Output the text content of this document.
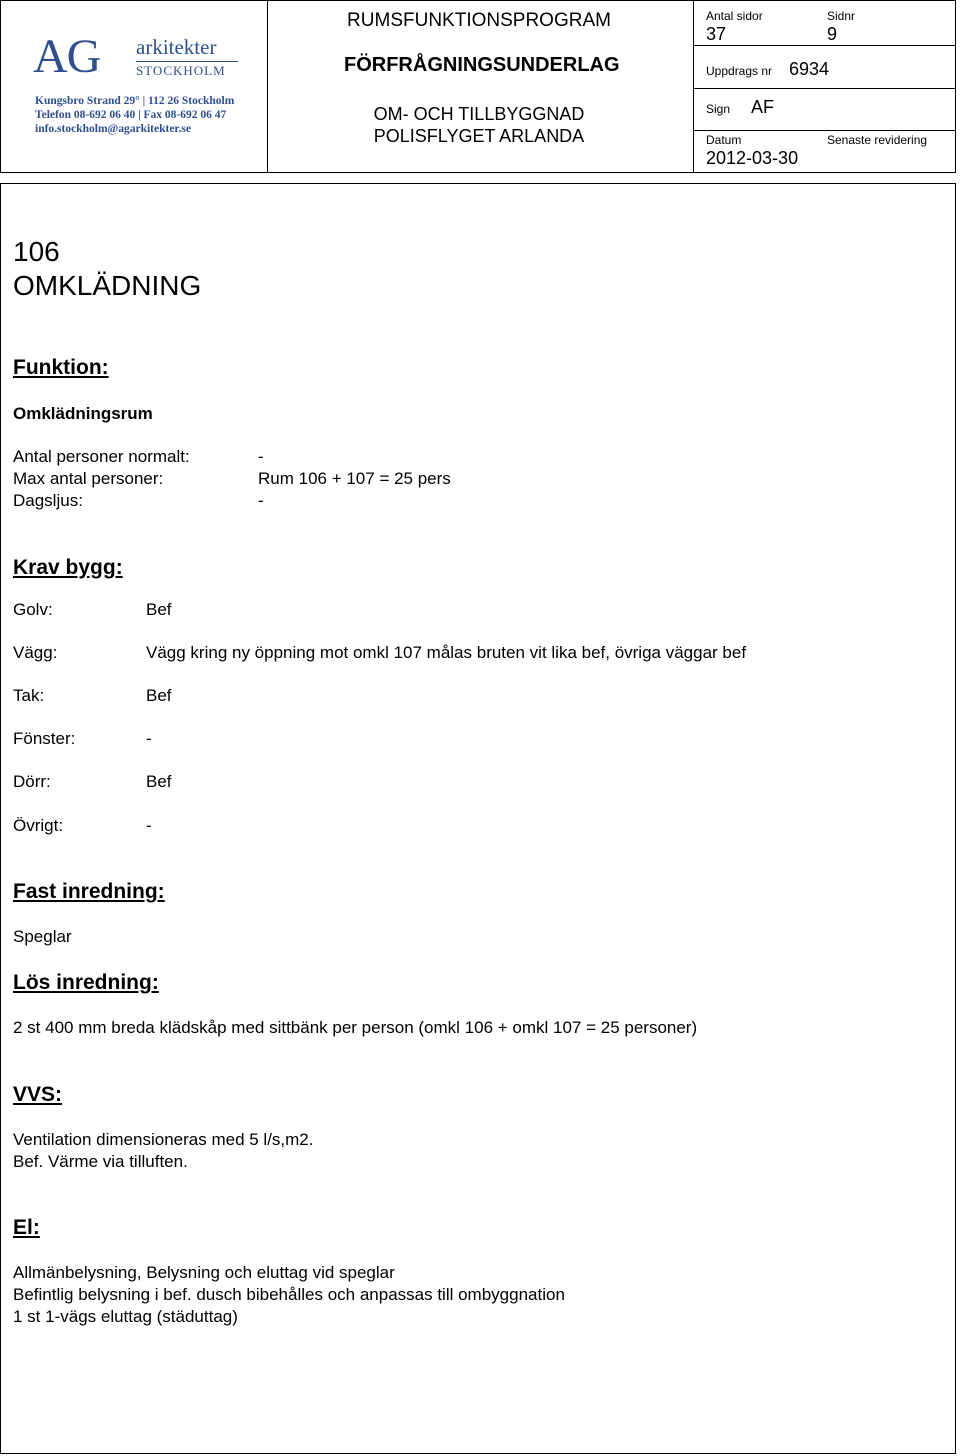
AG arkitekter
STOCKHOLM
Kungsbro Strand 29° | 112 26 Stockholm
Telefon 08-692 06 40 | Fax 08-692 06 47
info.stockholm@agarkitekter.se
RUMSFUNKTIONSPROGRAM
FÖRFRÅGNINGSUNDERLAG
OM- OCH TILLBYGGNAD
POLISFLYGET ARLANDA
Antal sidor
37
Sidnr
9
Uppdrags nr 6934
Sign AF
Datum
2012-03-30
Senaste revidering
106
OMKLÄDNING
Funktion:
Omklädningsrum
Antal personer normalt:	-
Max antal personer:	Rum 106 + 107 = 25 pers
Dagsljus:	-
Krav bygg:
Golv:	Bef
Vägg:	Vägg kring ny öppning mot omkl 107 målas bruten vit lika bef, övriga väggar bef
Tak:	Bef
Fönster:	-
Dörr:	Bef
Övrigt:	-
Fast inredning:
Speglar
Lös inredning:
2 st 400 mm breda klädskåp med sittbänk per person (omkl 106 + omkl 107 = 25 personer)
VVS:
Ventilation dimensioneras med 5 l/s,m2.
Bef. Värme via tilluften.
El:
Allmänbelysning, Belysning och eluttag vid speglar
Befintlig belysning i bef. dusch bibehålles och anpassas till ombyggnation
1 st 1-vägs eluttag (städuttag)
